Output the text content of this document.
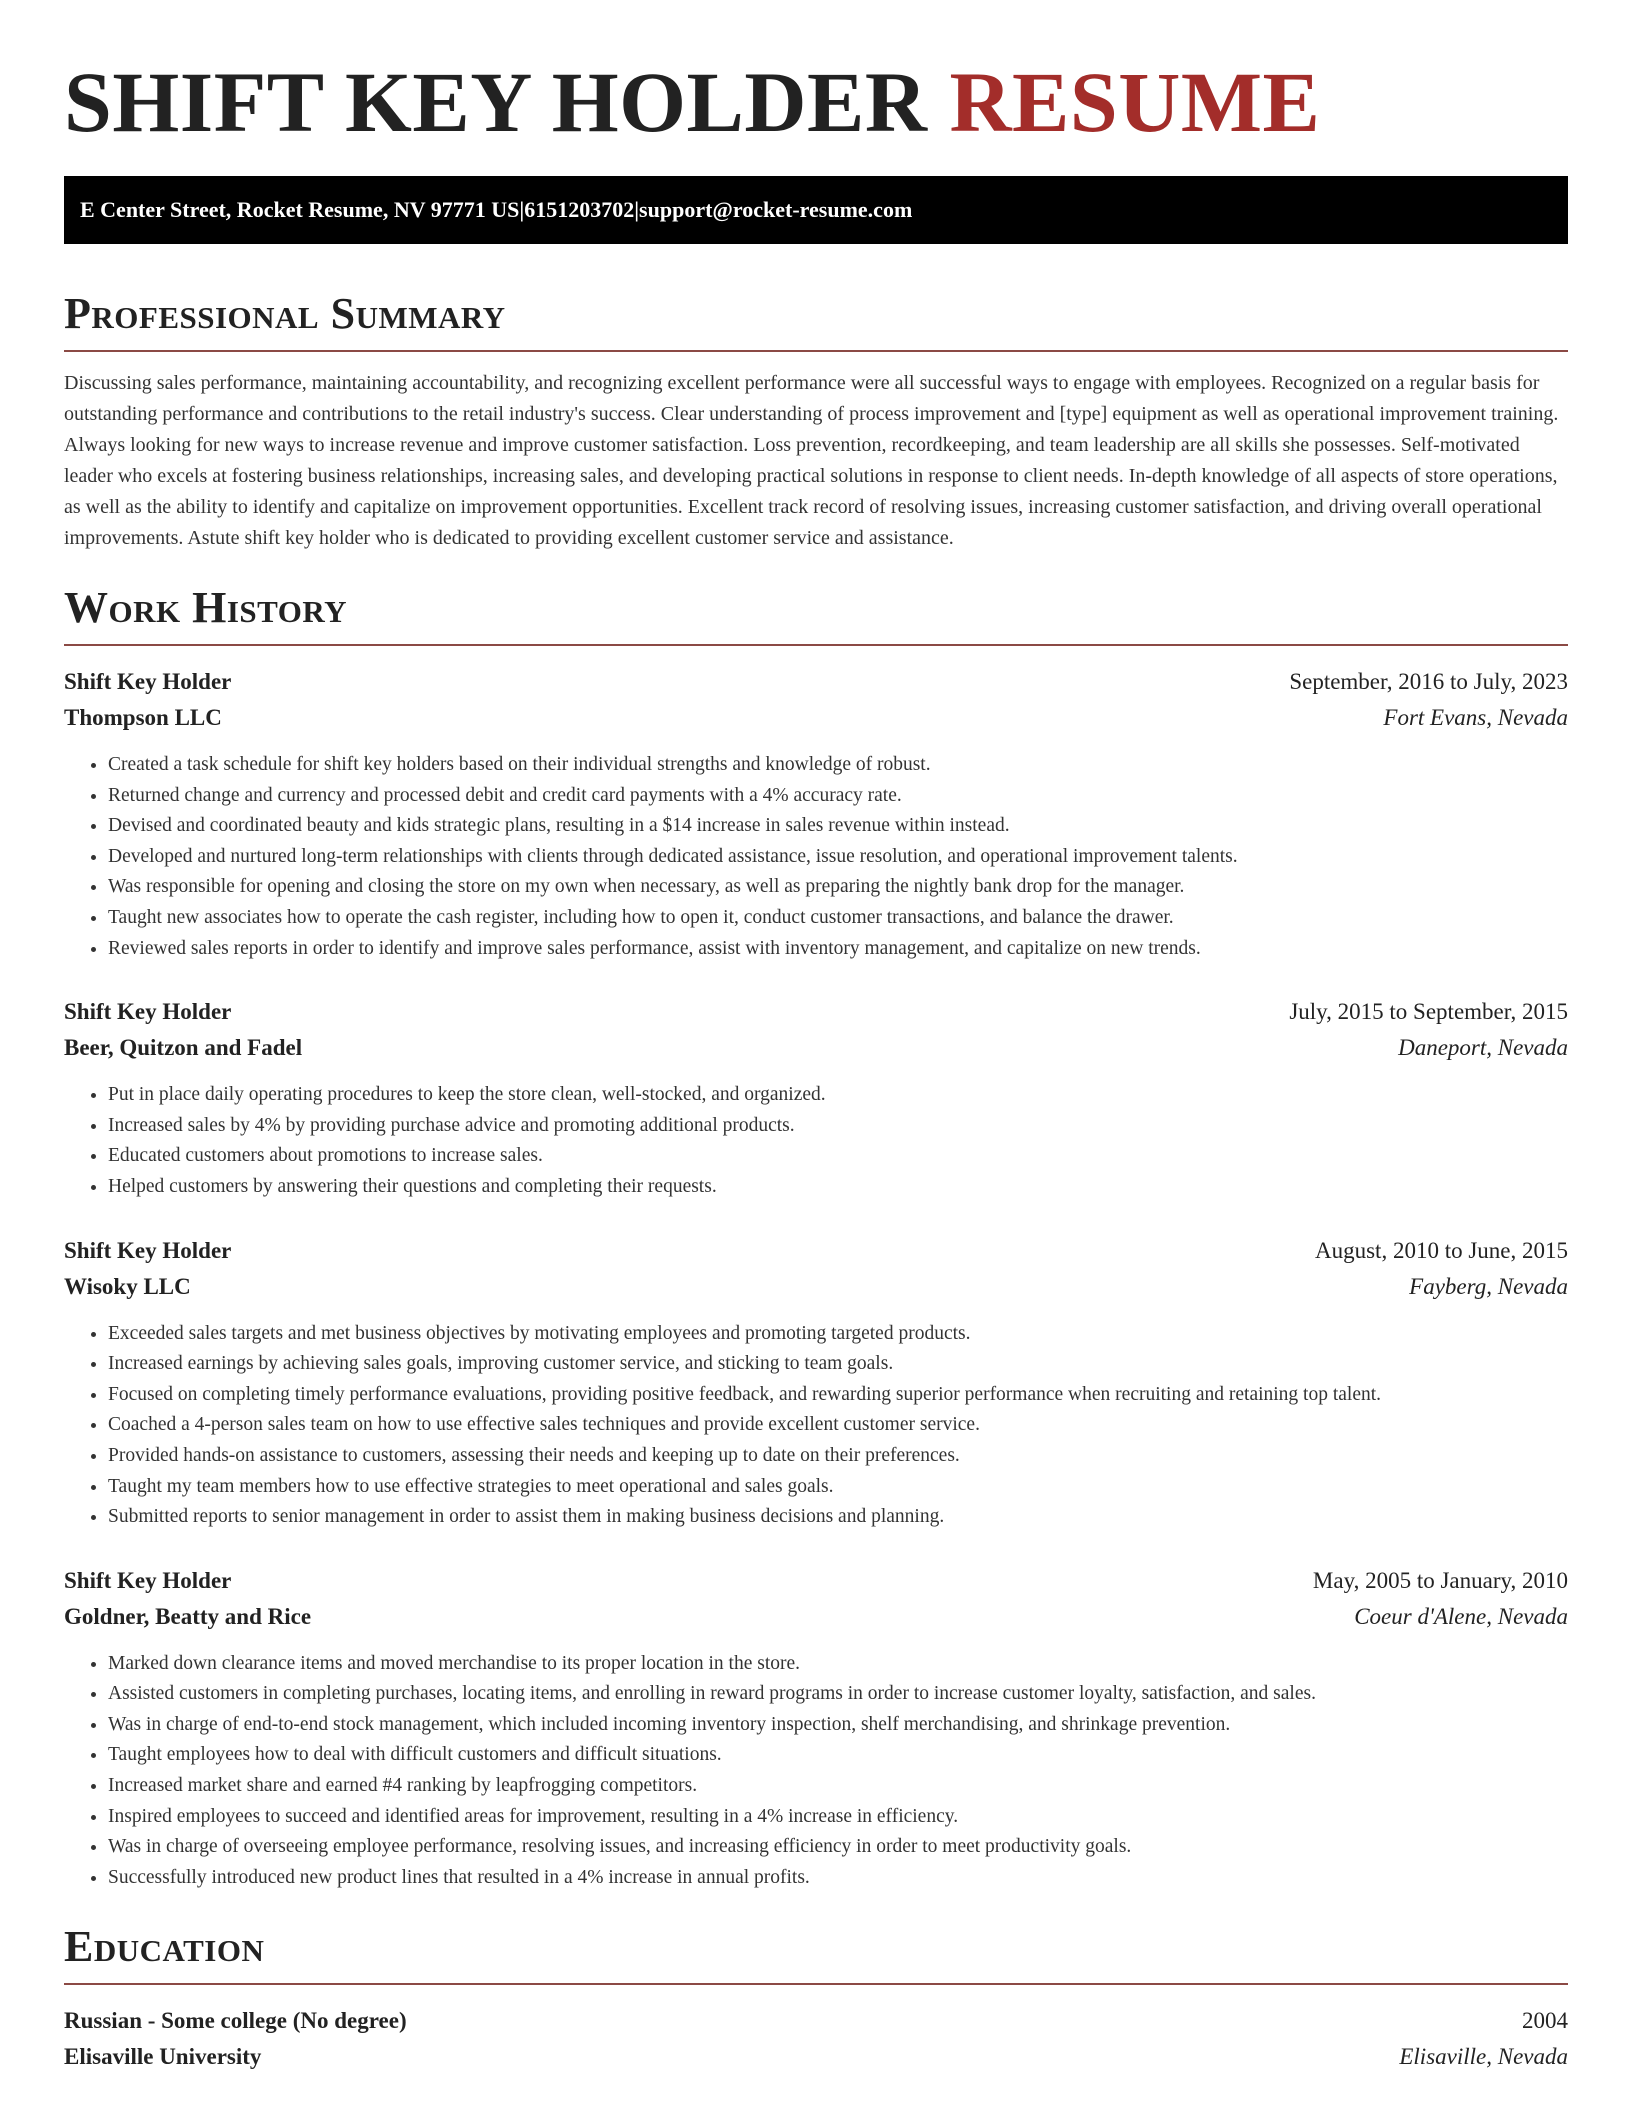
SHIFT KEY HOLDER RESUME
E Center Street, Rocket Resume, NV 97771 US | 6151203702 | support@rocket-resume.com
Professional Summary

Discussing sales performance, maintaining accountability, and recognizing excellent performance were all successful ways to engage with employees. Recognized on a regular basis for outstanding performance and contributions to the retail industry's success. Clear understanding of process improvement and [type] equipment as well as operational improvement training. Always looking for new ways to increase revenue and improve customer satisfaction. Loss prevention, recordkeeping, and team leadership are all skills she possesses. Self-motivated leader who excels at fostering business relationships, increasing sales, and developing practical solutions in response to client needs. In-depth knowledge of all aspects of store operations, as well as the ability to identify and capitalize on improvement opportunities. Excellent track record of resolving issues, increasing customer satisfaction, and driving overall operational improvements. Astute shift key holder who is dedicated to providing excellent customer service and assistance.

Work History
Shift Key Holder	September, 2016 to July, 2023
Thompson LLC	Fort Evans, Nevada
• Created a task schedule for shift key holders based on their individual strengths and knowledge of robust.
• Returned change and currency and processed debit and credit card payments with a 4% accuracy rate.
• Devised and coordinated beauty and kids strategic plans, resulting in a $14 increase in sales revenue within instead.
• Developed and nurtured long-term relationships with clients through dedicated assistance, issue resolution, and operational improvement talents.
• Was responsible for opening and closing the store on my own when necessary, as well as preparing the nightly bank drop for the manager.
• Taught new associates how to operate the cash register, including how to open it, conduct customer transactions, and balance the drawer.
• Reviewed sales reports in order to identify and improve sales performance, assist with inventory management, and capitalize on new trends.
Shift Key Holder	July, 2015 to September, 2015
Beer, Quitzon and Fadel	Daneport, Nevada
• Put in place daily operating procedures to keep the store clean, well-stocked, and organized.
• Increased sales by 4% by providing purchase advice and promoting additional products.
• Educated customers about promotions to increase sales.
• Helped customers by answering their questions and completing their requests.
Shift Key Holder	August, 2010 to June, 2015
Wisoky LLC	Fayberg, Nevada
• Exceeded sales targets and met business objectives by motivating employees and promoting targeted products.
• Increased earnings by achieving sales goals, improving customer service, and sticking to team goals.
• Focused on completing timely performance evaluations, providing positive feedback, and rewarding superior performance when recruiting and retaining top talent.
• Coached a 4-person sales team on how to use effective sales techniques and provide excellent customer service.
• Provided hands-on assistance to customers, assessing their needs and keeping up to date on their preferences.
• Taught my team members how to use effective strategies to meet operational and sales goals.
• Submitted reports to senior management in order to assist them in making business decisions and planning.
Shift Key Holder	May, 2005 to January, 2010
Goldner, Beatty and Rice	Coeur d'Alene, Nevada
• Marked down clearance items and moved merchandise to its proper location in the store.
• Assisted customers in completing purchases, locating items, and enrolling in reward programs in order to increase customer loyalty, satisfaction, and sales.
• Was in charge of end-to-end stock management, which included incoming inventory inspection, shelf merchandising, and shrinkage prevention.
• Taught employees how to deal with difficult customers and difficult situations.
• Increased market share and earned #4 ranking by leapfrogging competitors.
• Inspired employees to succeed and identified areas for improvement, resulting in a 4% increase in efficiency.
• Was in charge of overseeing employee performance, resolving issues, and increasing efficiency in order to meet productivity goals.
• Successfully introduced new product lines that resulted in a 4% increase in annual profits.
Education
Russian - Some college (No degree)	2004
Elisaville University	Elisaville, Nevada
